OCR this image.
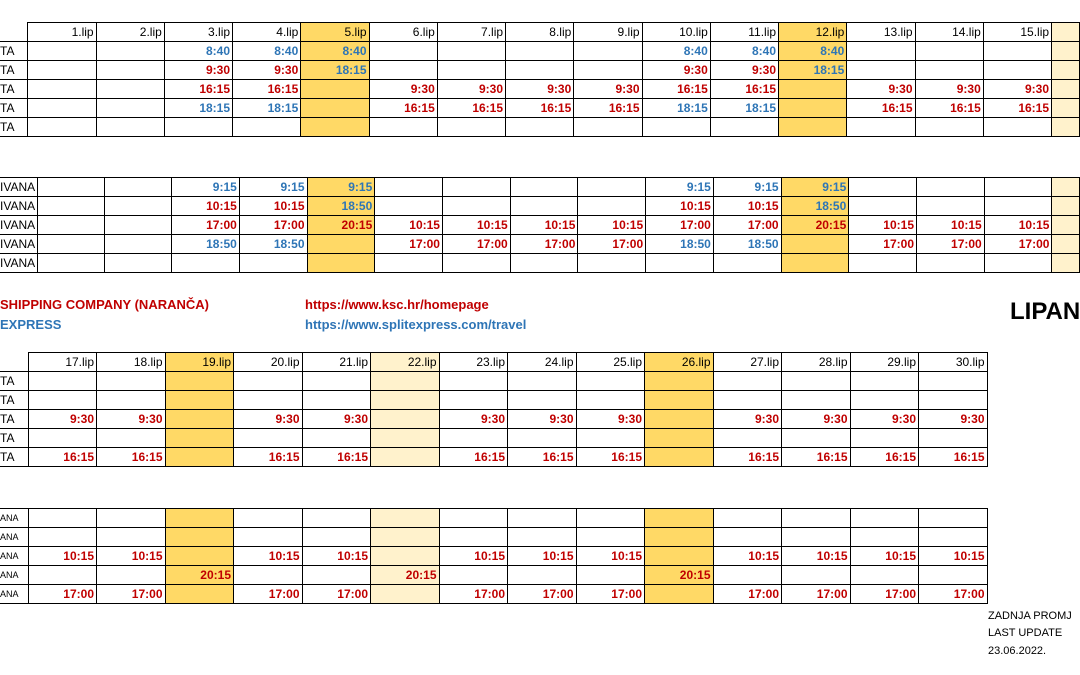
	1.lip	2.lip	3.lip	4.lip	5.lip	6.lip	7.lip	8.lip	9.lip	10.lip	11.lip	12.lip	13.lip	14.lip	15.lip	
TA			8:40	8:40	8:40					8:40	8:40	8:40				
TA			9:30	9:30	18:15					9:30	9:30	18:15				
TA			16:15	16:15		9:30	9:30	9:30	9:30	16:15	16:15		9:30	9:30	9:30	
TA			18:15	18:15		16:15	16:15	16:15	16:15	18:15	18:15		16:15	16:15	16:15	
TA																
IVANA			9:15	9:15	9:15					9:15	9:15	9:15				
IVANA			10:15	10:15	18:50					10:15	10:15	18:50				
IVANA			17:00	17:00	20:15	10:15	10:15	10:15	10:15	17:00	17:00	20:15	10:15	10:15	10:15	
IVANA			18:50	18:50		17:00	17:00	17:00	17:00	18:50	18:50		17:00	17:00	17:00	
IVANA																
SHIPPING COMPANY (NARANČA)
EXPRESS
https://www.ksc.hr/homepage
https://www.splitexpress.com/travel	LIPAN
	17.lip	18.lip	19.lip	20.lip	21.lip	22.lip	23.lip	24.lip	25.lip	26.lip	27.lip	28.lip	29.lip	30.lip
TA														
TA														
TA	9:30	9:30		9:30	9:30		9:30	9:30	9:30		9:30	9:30	9:30	9:30
TA														
TA	16:15	16:15		16:15	16:15		16:15	16:15	16:15		16:15	16:15	16:15	16:15
ANA														
ANA														
ANA	10:15	10:15		10:15	10:15		10:15	10:15	10:15		10:15	10:15	10:15	10:15
ANA			20:15			20:15				20:15				
ANA	17:00	17:00		17:00	17:00		17:00	17:00	17:00		17:00	17:00	17:00	17:00
ZADNJA PROMJ
LAST UPDATE
23.06.2022.
